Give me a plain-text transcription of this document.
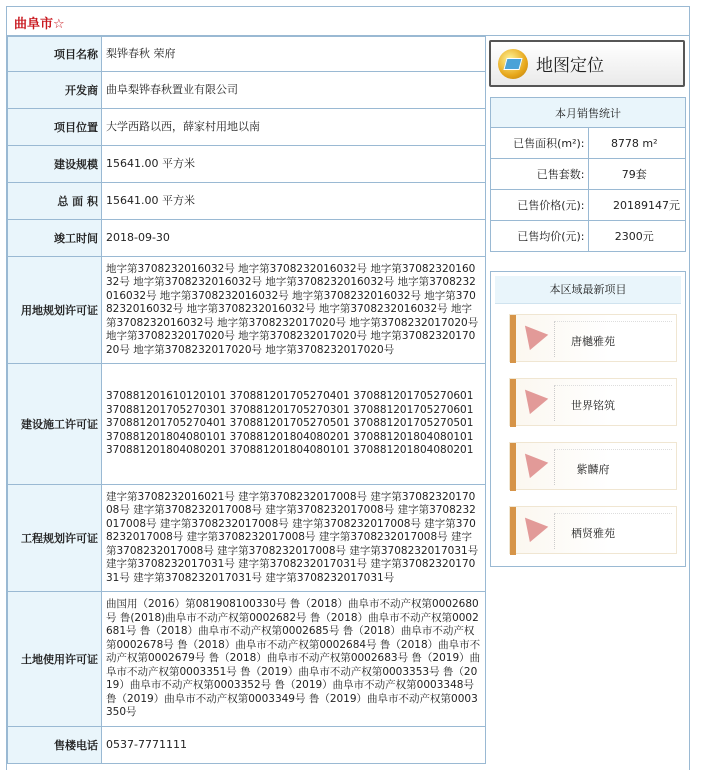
曲阜市☆
项目名称	梨铧春秋 荣府
开发商	曲阜梨铧春秋置业有限公司
项目位置	大学西路以西，薛家村用地以南
建设规模	15641.00 平方米
总 面 积	15641.00 平方米
竣工时间	2018-09-30
用地规划许可证	地字第3708232016032号 地字第3708232016032号 地字第3708232016032号 地字第3708232016032号 地字第3708232016032号 地字第3708232016032号 地字第3708232016032号 地字第3708232016032号 地字第3708232016032号 地字第3708232016032号 地字第3708232016032号 地字第3708232016032号 地字第3708232017020号 地字第3708232017020号 地字第3708232017020号 地字第3708232017020号 地字第3708232017020号 地字第3708232017020号 地字第3708232017020号
建设施工许可证	370881201610120101 370881201705270401 370881201705270601 370881201705270301 370881201705270301 370881201705270601 370881201705270401 370881201705270501 370881201705270501 370881201804080101 370881201804080201 370881201804080101 370881201804080201 370881201804080101 370881201804080201
工程规划许可证	建字第3708232016021号 建字第3708232017008号 建字第3708232017008号 建字第3708232017008号 建字第3708232017008号 建字第3708232017008号 建字第3708232017008号 建字第3708232017008号 建字第3708232017008号 建字第3708232017008号 建字第3708232017008号 建字第3708232017008号 建字第3708232017008号 建字第3708232017031号 建字第3708232017031号 建字第3708232017031号 建字第3708232017031号 建字第3708232017031号 建字第3708232017031号
土地使用许可证	曲国用（2016）第081908100330号 鲁（2018）曲阜市不动产权第0002680号 鲁(2018)曲阜市不动产权第0002682号 鲁（2018）曲阜市不动产权第0002681号 鲁（2018）曲阜市不动产权第0002685号 鲁（2018）曲阜市不动产权第0002678号 鲁（2018）曲阜市不动产权第0002684号 鲁（2018）曲阜市不动产权第0002679号 鲁（2018）曲阜市不动产权第0002683号 鲁（2019）曲阜市不动产权第0003351号 鲁（2019）曲阜市不动产权第0003353号 鲁（2019）曲阜市不动产权第0003352号 鲁（2019）曲阜市不动产权第0003348号 鲁（2019）曲阜市不动产权第0003349号 鲁（2019）曲阜市不动产权第0003350号
售楼电话	0537-7771111
地图定位
本月销售统计	
已售面积(m²):	8778 m²
已售套数:	79套
已售价格(元):	20189147元
已售均价(元):	2300元
本区域最新项目
唐樾雅苑
世界铭筑
紫麟府
栖贤雅苑
